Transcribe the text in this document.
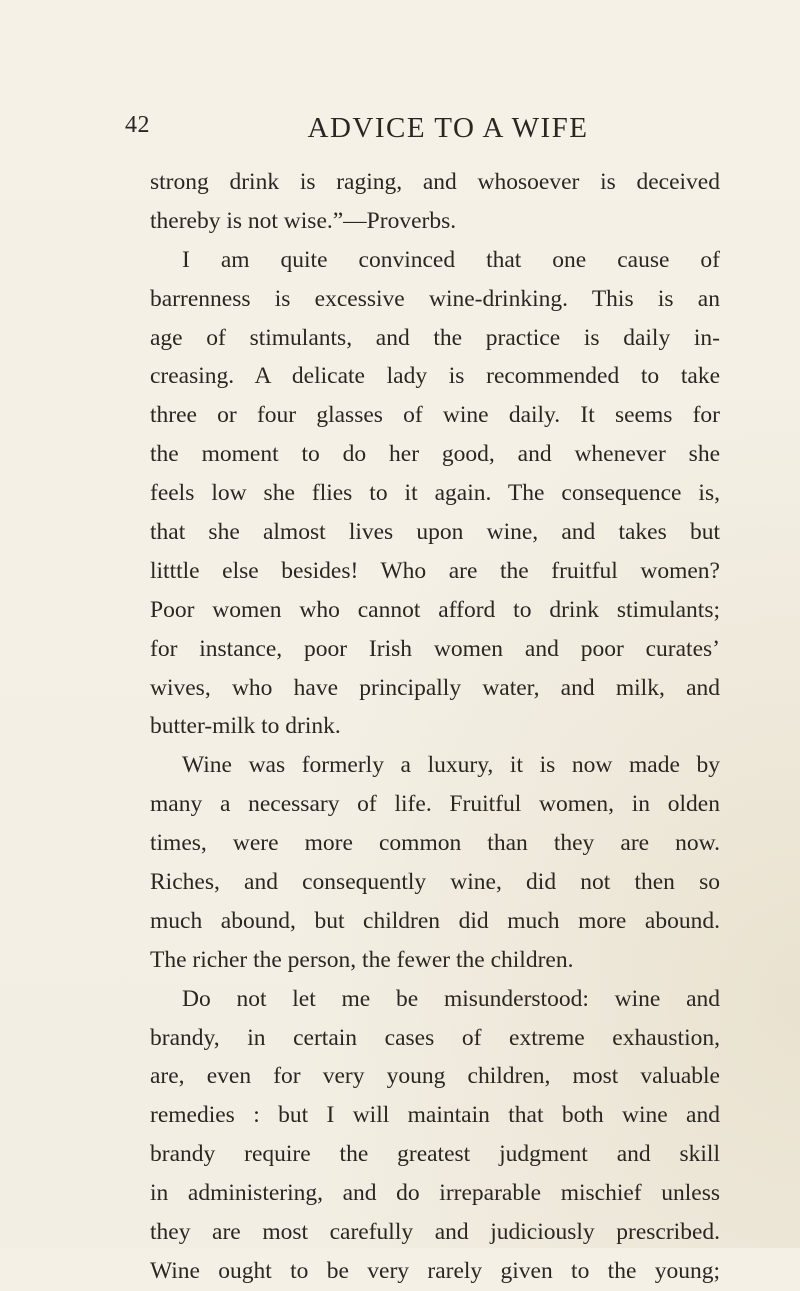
42	ADVICE TO A WIFE
strong drink is raging, and whosoever is deceived
thereby is not wise.”—Proverbs.
I am quite convinced that one cause of
barrenness is excessive wine-drinking. This is an
age of stimulants, and the practice is daily in-
creasing. A delicate lady is recommended to take
three or four glasses of wine daily. It seems for
the moment to do her good, and whenever she
feels low she flies to it again. The consequence is,
that she almost lives upon wine, and takes but
litttle else besides! Who are the fruitful women?
Poor women who cannot afford to drink stimulants;
for instance, poor Irish women and poor curates’
wives, who have principally water, and milk, and
butter-milk to drink.
Wine was formerly a luxury, it is now made by
many a necessary of life. Fruitful women, in olden
times, were more common than they are now.
Riches, and consequently wine, did not then so
much abound, but children did much more abound.
The richer the person, the fewer the children.
Do not let me be misunderstood: wine and
brandy, in certain cases of extreme exhaustion,
are, even for very young children, most valuable
remedies : but I will maintain that both wine and
brandy require the greatest judgment and skill
in administering, and do irreparable mischief unless
they are most carefully and judiciously prescribed.
Wine ought to be very rarely given to the young;
